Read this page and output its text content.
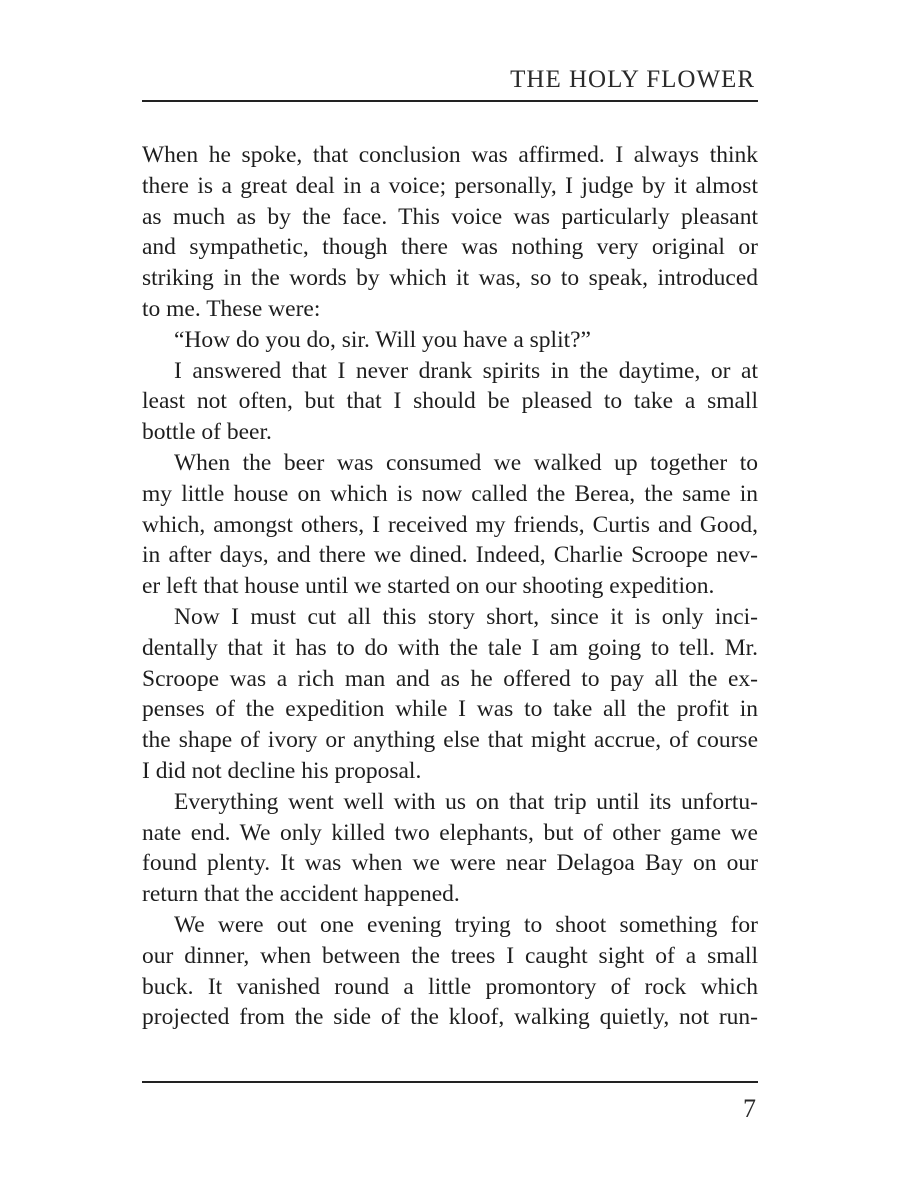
THE HOLY FLOWER
When he spoke, that conclusion was affirmed. I always think
there is a great deal in a voice; personally, I judge by it almost
as much as by the face. This voice was particularly pleasant
and sympathetic, though there was nothing very original or
striking in the words by which it was, so to speak, introduced
to me. These were:
“How do you do, sir. Will you have a split?”
I answered that I never drank spirits in the daytime, or at
least not often, but that I should be pleased to take a small
bottle of beer.
When the beer was consumed we walked up together to
my little house on which is now called the Berea, the same in
which, amongst others, I received my friends, Curtis and Good,
in after days, and there we dined. Indeed, Charlie Scroope nev-
er left that house until we started on our shooting expedition.
Now I must cut all this story short, since it is only inci-
dentally that it has to do with the tale I am going to tell. Mr.
Scroope was a rich man and as he offered to pay all the ex-
penses of the expedition while I was to take all the profit in
the shape of ivory or anything else that might accrue, of course
I did not decline his proposal.
Everything went well with us on that trip until its unfortu-
nate end. We only killed two elephants, but of other game we
found plenty. It was when we were near Delagoa Bay on our
return that the accident happened.
We were out one evening trying to shoot something for
our dinner, when between the trees I caught sight of a small
buck. It vanished round a little promontory of rock which
projected from the side of the kloof, walking quietly, not run-
7
